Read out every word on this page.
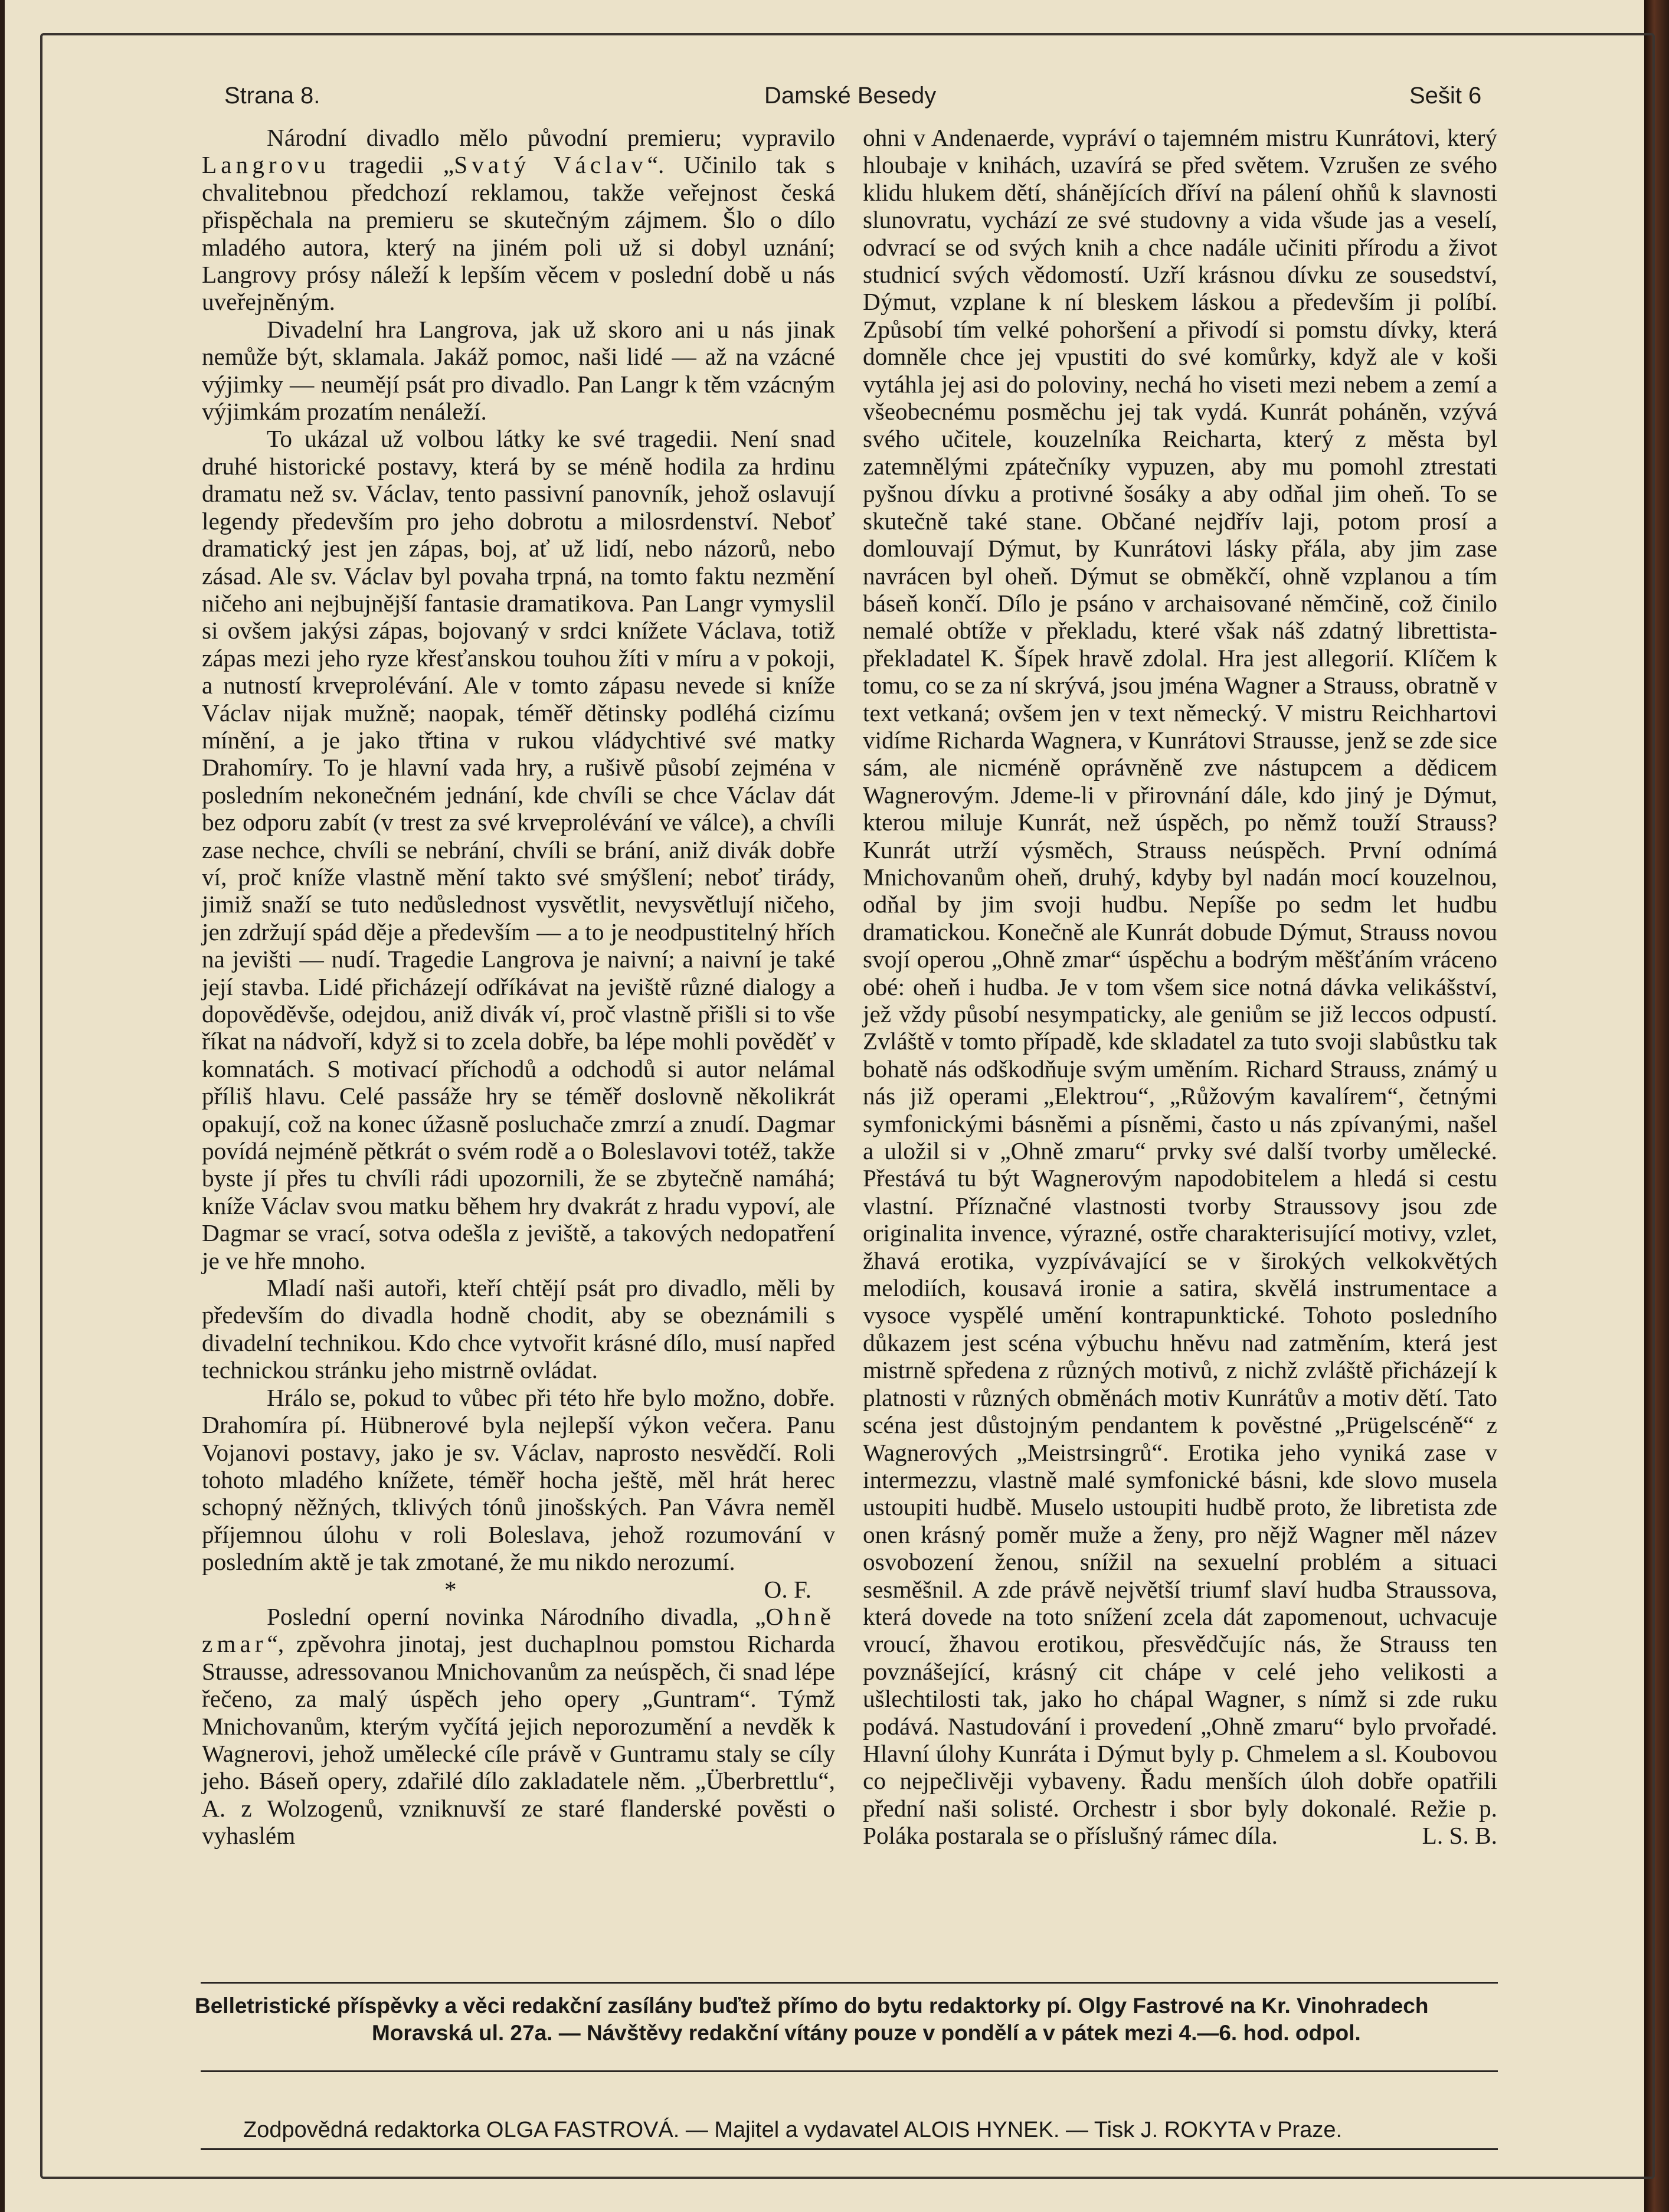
Strana 8.	Damské Besedy	Sešit 6

Národní divadlo mělo původní premieru; vypravilo Langrovu tragedii „Svatý Václav“. Učinilo tak s chvalitebnou předchozí reklamou, takže veřejnost česká přispěchala na premieru se skutečným zájmem. Šlo o dílo mladého autora, který na jiném poli už si dobyl uznání; Langrovy prósy náleží k lepším věcem v poslední době u nás uveřejněným.

Divadelní hra Langrova, jak už skoro ani u nás jinak nemůže být, sklamala. Jakáž pomoc, naši lidé — až na vzácné výjimky — neumějí psát pro divadlo. Pan Langr k těm vzácným výjimkám prozatím nenáleží.

To ukázal už volbou látky ke své tragedii. Není snad druhé historické postavy, která by se méně hodila za hrdinu dramatu než sv. Václav, tento passivní panovník, jehož oslavují legendy především pro jeho dobrotu a milosrdenství. Neboť dramatický jest jen zápas, boj, ať už lidí, nebo názorů, nebo zásad. Ale sv. Václav byl povaha trpná, na tomto faktu nezmění ničeho ani nejbujnější fantasie dramatikova. Pan Langr vymyslil si ovšem jakýsi zápas, bojovaný v srdci knížete Václava, totiž zápas mezi jeho ryze křesťanskou touhou žíti v míru a v pokoji, a nutností krveprolévání. Ale v tomto zápasu nevede si kníže Václav nijak mužně; naopak, téměř dětinsky podléhá cizímu mínění, a je jako třtina v rukou vládychtivé své matky Drahomíry. To je hlavní vada hry, a rušivě působí zejména v posledním nekonečném jednání, kde chvíli se chce Václav dát bez odporu zabít (v trest za své krveprolévání ve válce), a chvíli zase nechce, chvíli se nebrání, chvíli se brání, aniž divák dobře ví, proč kníže vlastně mění takto své smýšlení; neboť tirády, jimiž snaží se tuto nedůslednost vysvětlit, nevysvětlují ničeho, jen zdržují spád děje a především — a to je neodpustitelný hřích na jevišti — nudí. Tragedie Langrova je naivní; a naivní je také její stavba. Lidé přicházejí odříkávat na jeviště různé dialogy a dopověděvše, odejdou, aniž divák ví, proč vlastně přišli si to vše říkat na nádvoří, když si to zcela dobře, ba lépe mohli pověděť v komnatách. S motivací příchodů a odchodů si autor nelámal příliš hlavu. Celé passáže hry se téměř doslovně několikrát opakují, což na konec úžasně posluchače zmrzí a znudí. Dagmar povídá nejméně pětkrát o svém rodě a o Boleslavovi totéž, takže byste jí přes tu chvíli rádi upozornili, že se zbytečně namáhá; kníže Václav svou matku během hry dvakrát z hradu vypoví, ale Dagmar se vrací, sotva odešla z jeviště, a takových nedopatření je ve hře mnoho.

Mladí naši autoři, kteří chtějí psát pro divadlo, měli by především do divadla hodně chodit, aby se obeznámili s divadelní technikou. Kdo chce vytvořit krásné dílo, musí napřed technickou stránku jeho mistrně ovládat.

Hrálo se, pokud to vůbec při této hře bylo možno, dobře. Drahomíra pí. Hübnerové byla nejlepší výkon večera. Panu Vojanovi postavy, jako je sv. Václav, naprosto nesvědčí. Roli tohoto mladého knížete, téměř hocha ještě, měl hrát herec schopný něžných, tklivých tónů jinošských. Pan Vávra neměl příjemnou úlohu v roli Boleslava, jehož rozumování v posledním aktě je tak zmotané, že mu nikdo nerozumí.
O. F.

*

Poslední operní novinka Národního divadla, „Ohně zmar“, zpěvohra jinotaj, jest duchaplnou pomstou Richarda Strausse, adressovanou Mnichovanům za neúspěch, či snad lépe řečeno, za malý úspěch jeho opery „Guntram“. Týmž Mnichovanům, kterým vyčítá jejich neporozumění a nevděk k Wagnerovi, jehož umělecké cíle právě v Guntramu staly se cíly jeho. Báseň opery, zdařilé dílo zakladatele něm. „Überbrettlu“, A. z Wolzogenů, vzniknuvší ze staré flanderské pověsti o vyhaslém

ohni v Andenaerde, vypráví o tajemném mistru Kunrátovi, který hloubaje v knihách, uzavírá se před světem. Vzrušen ze svého klidu hlukem dětí, shánějících dříví na pálení ohňů k slavnosti slunovratu, vychází ze své studovny a vida všude jas a veselí, odvrací se od svých knih a chce nadále učiniti přírodu a život studnicí svých vědomostí. Uzří krásnou dívku ze sousedství, Dýmut, vzplane k ní bleskem láskou a především ji políbí. Způsobí tím velké pohoršení a přivodí si pomstu dívky, která domněle chce jej vpustiti do své komůrky, když ale v koši vytáhla jej asi do poloviny, nechá ho viseti mezi nebem a zemí a všeobecnému posměchu jej tak vydá. Kunrát poháněn, vzývá svého učitele, kouzelníka Reicharta, který z města byl zatemnělými zpátečníky vypuzen, aby mu pomohl ztrestati pyšnou dívku a protivné šosáky a aby odňal jim oheň. To se skutečně také stane. Občané nejdřív laji, potom prosí a domlouvají Dýmut, by Kunrátovi lásky přála, aby jim zase navrácen byl oheň. Dýmut se obměkčí, ohně vzplanou a tím báseň končí. Dílo je psáno v archaisované němčině, což činilo nemalé obtíže v překladu, které však náš zdatný librettista-překladatel K. Šípek hravě zdolal. Hra jest allegorií. Klíčem k tomu, co se za ní skrývá, jsou jména Wagner a Strauss, obratně v text vetkaná; ovšem jen v text německý. V mistru Reichhartovi vidíme Richarda Wagnera, v Kunrátovi Strausse, jenž se zde sice sám, ale nicméně oprávněně zve nástupcem a dědicem Wagnerovým. Jdeme-li v přirovnání dále, kdo jiný je Dýmut, kterou miluje Kunrát, než úspěch, po němž touží Strauss? Kunrát utrží výsměch, Strauss neúspěch. První odnímá Mnichovanům oheň, druhý, kdyby byl nadán mocí kouzelnou, odňal by jim svoji hudbu. Nepíše po sedm let hudbu dramatickou. Konečně ale Kunrát dobude Dýmut, Strauss novou svojí operou „Ohně zmar“ úspěchu a bodrým měšťáním vráceno obé: oheň i hudba. Je v tom všem sice notná dávka velikášství, jež vždy působí nesympaticky, ale geniům se již leccos odpustí. Zvláště v tomto případě, kde skladatel za tuto svoji slabůstku tak bohatě nás odškodňuje svým uměním. Richard Strauss, známý u nás již operami „Elektrou“, „Růžovým kavalírem“, četnými symfonickými básněmi a písněmi, často u nás zpívanými, našel a uložil si v „Ohně zmaru“ prvky své další tvorby umělecké. Přestává tu být Wagnerovým napodobitelem a hledá si cestu vlastní. Příznačné vlastnosti tvorby Straussovy jsou zde originalita invence, výrazné, ostře charakterisující motivy, vzlet, žhavá erotika, vyzpívávající se v širokých velkokvětých melodiích, kousavá ironie a satira, skvělá instrumentace a vysoce vyspělé umění kontrapunktické. Tohoto posledního důkazem jest scéna výbuchu hněvu nad zatměním, která jest mistrně spředena z různých motivů, z nichž zvláště přicházejí k platnosti v různých obměnách motiv Kunrátův a motiv dětí. Tato scéna jest důstojným pendantem k pověstné „Prügelscéně“ z Wagnerových „Meistrsingrů“. Erotika jeho vyniká zase v intermezzu, vlastně malé symfonické básni, kde slovo musela ustoupiti hudbě. Muselo ustoupiti hudbě proto, že libretista zde onen krásný poměr muže a ženy, pro nějž Wagner měl název osvobození ženou, snížil na sexuelní problém a situaci sesměšnil. A zde právě největší triumf slaví hudba Straussova, která dovede na toto snížení zcela dát zapomenout, uchvacuje vroucí, žhavou erotikou, přesvědčujíc nás, že Strauss ten povznášející, krásný cit chápe v celé jeho velikosti a ušlechtilosti tak, jako ho chápal Wagner, s nímž si zde ruku podává. Nastudování i provedení „Ohně zmaru“ bylo prvořadé. Hlavní úlohy Kunráta i Dýmut byly p. Chmelem a sl. Koubovou co nejpečlivěji vybaveny. Řadu menších úloh dobře opatřili přední naši solisté. Orchestr i sbor byly dokonalé. Režie p. Poláka postarala se o příslušný rámec díla.	L. S. B.

Belletristické příspěvky a věci redakční zasílány buďtež přímo do bytu redaktorky pí. Olgy Fastrové na Kr. Vinohradech
Moravská ul. 27a. — Návštěvy redakční vítány pouze v pondělí a v pátek mezi 4.—6. hod. odpol.
Zodpovědná redaktorka OLGA FASTROVÁ. — Majitel a vydavatel ALOIS HYNEK. — Tisk J. ROKYTA v Praze.
